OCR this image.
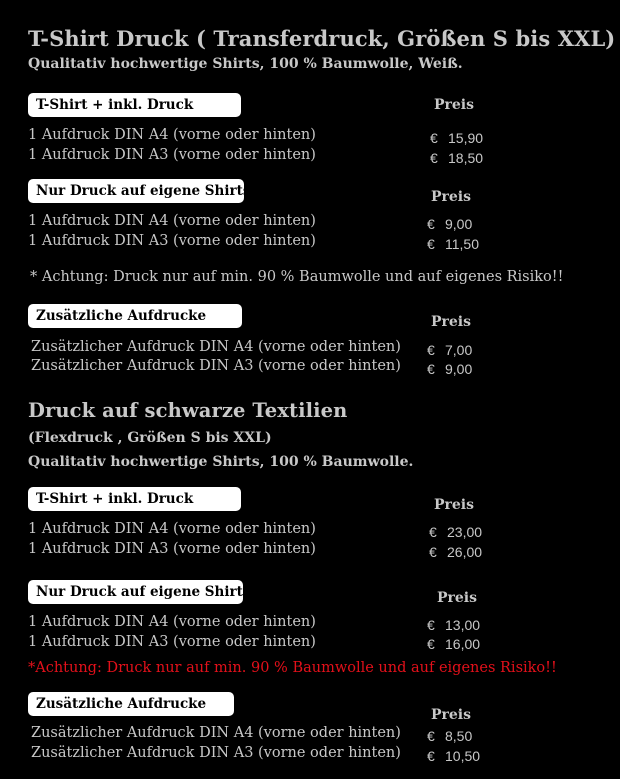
T-Shirt Druck ( Transferdruck, Größen S bis XXL)
Qualitativ hochwertige Shirts, 100 % Baumwolle, Weiß.
T-Shirt + inkl. Druck	Preis
1 Aufdruck DIN A4 (vorne oder hinten)	€ 15,90
1 Aufdruck DIN A3 (vorne oder hinten)	€ 18,50
Nur Druck auf eigene Shirts*	Preis
1 Aufdruck DIN A4 (vorne oder hinten)	€ 9,00
1 Aufdruck DIN A3 (vorne oder hinten)	€ 11,50
* Achtung: Druck nur auf min. 90 % Baumwolle und auf eigenes Risiko!!
Zusätzliche Aufdrucke	Preis
Zusätzlicher Aufdruck DIN A4 (vorne oder hinten) € 7,00
Zusätzlicher Aufdruck DIN A3 (vorne oder hinten) € 9,00
Druck auf schwarze Textilien
(Flexdruck , Größen S bis XXL)
Qualitativ hochwertige Shirts, 100 % Baumwolle.
T-Shirt + inkl. Druck	Preis
1 Aufdruck DIN A4 (vorne oder hinten)	€ 23,00
1 Aufdruck DIN A3 (vorne oder hinten)	€ 26,00
Nur Druck auf eigene Shirts*	Preis
1 Aufdruck DIN A4 (vorne oder hinten)	€ 13,00
1 Aufdruck DIN A3 (vorne oder hinten)	€ 16,00
*Achtung: Druck nur auf min. 90 % Baumwolle und auf eigenes Risiko!!
Zusätzliche Aufdrucke
Preis
Zusätzlicher Aufdruck DIN A4 (vorne oder hinten) € 8,50
Zusätzlicher Aufdruck DIN A3 (vorne oder hinten) € 10,50
